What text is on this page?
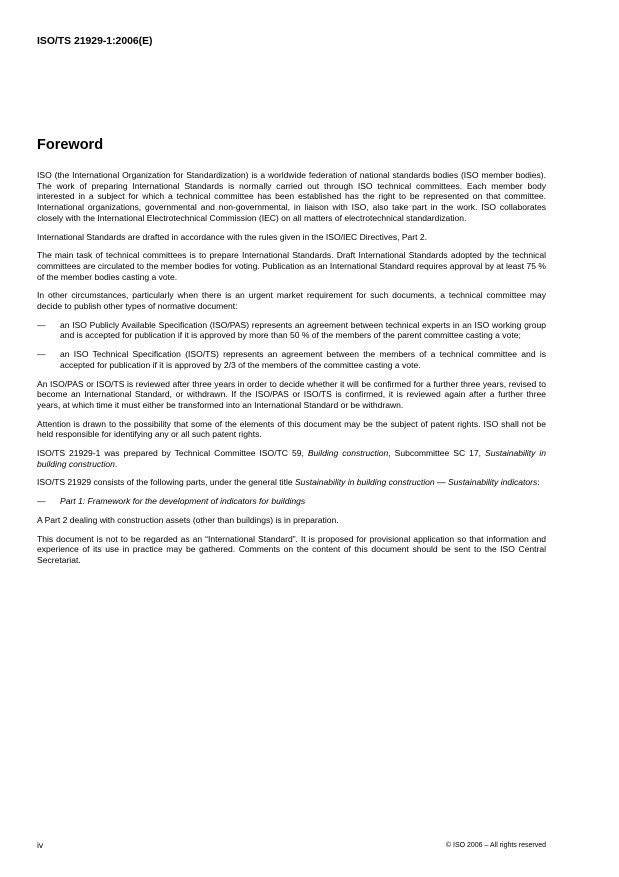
ISO/TS 21929-1:2006(E)
Foreword

ISO (the International Organization for Standardization) is a worldwide federation of national standards bodies (ISO member bodies). The work of preparing International Standards is normally carried out through ISO technical committees. Each member body interested in a subject for which a technical committee has been established has the right to be represented on that committee. International organizations, governmental and non-governmental, in liaison with ISO, also take part in the work. ISO collaborates closely with the International Electrotechnical Commission (IEC) on all matters of electrotechnical standardization.

International Standards are drafted in accordance with the rules given in the ISO/IEC Directives, Part 2.

The main task of technical committees is to prepare International Standards. Draft International Standards adopted by the technical committees are circulated to the member bodies for voting. Publication as an International Standard requires approval by at least 75 % of the member bodies casting a vote.

In other circumstances, particularly when there is an urgent market requirement for such documents, a technical committee may decide to publish other types of normative document:

—	an ISO Publicly Available Specification (ISO/PAS) represents an agreement between technical experts in an ISO working group and is accepted for publication if it is approved by more than 50 % of the members of the parent committee casting a vote;
—	an ISO Technical Specification (ISO/TS) represents an agreement between the members of a technical committee and is accepted for publication if it is approved by 2/3 of the members of the committee casting a vote.

An ISO/PAS or ISO/TS is reviewed after three years in order to decide whether it will be confirmed for a further three years, revised to become an International Standard, or withdrawn. If the ISO/PAS or ISO/TS is confirmed, it is reviewed again after a further three years, at which time it must either be transformed into an International Standard or be withdrawn.

Attention is drawn to the possibility that some of the elements of this document may be the subject of patent rights. ISO shall not be held responsible for identifying any or all such patent rights.

ISO/TS 21929-1 was prepared by Technical Committee ISO/TC 59, Building construction, Subcommittee SC 17, Sustainability in building construction.

ISO/TS 21929 consists of the following parts, under the general title Sustainability in building construction — Sustainability indicators:

—	Part 1: Framework for the development of indicators for buildings

A Part 2 dealing with construction assets (other than buildings) is in preparation.

This document is not to be regarded as an “International Standard”. It is proposed for provisional application so that information and experience of its use in practice may be gathered. Comments on the content of this document should be sent to the ISO Central Secretariat.

iv	© ISO 2006 – All rights reserved
